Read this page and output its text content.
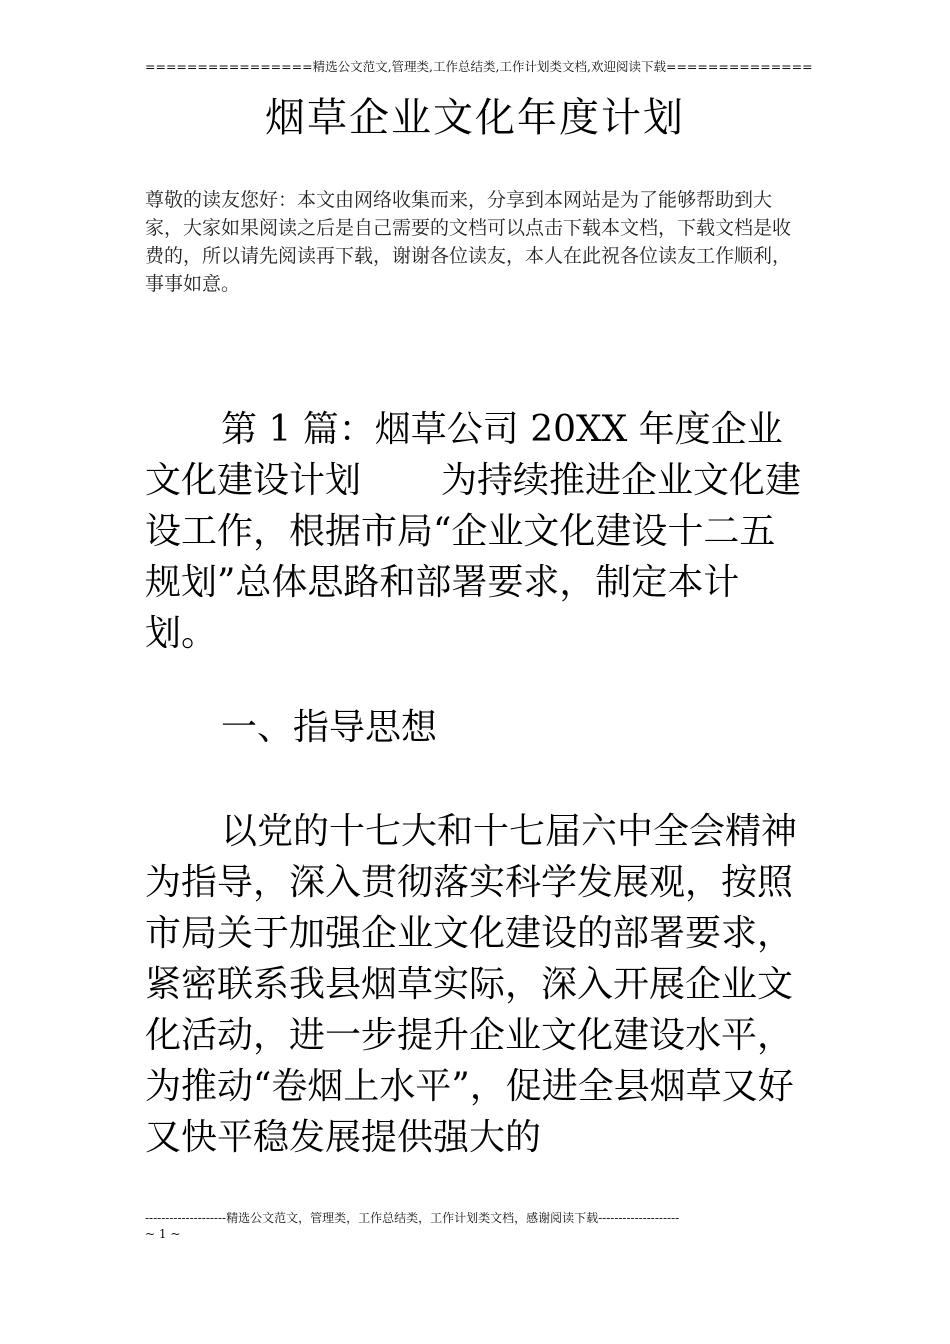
================精选公文范文,管理类,工作总结类,工作计划类文档,欢迎阅读下载==============
烟草企业文化年度计划
尊敬的读友您好：本文由网络收集而来，分享到本网站是为了能够帮助到大家，大家如果阅读之后是自己需要的文档可以点击下载本文档，下载文档是收费的，所以请先阅读再下载，谢谢各位读友，本人在此祝各位读友工作顺利，事事如意。
第 1 篇：烟草公司 20XX 年度企业文化建设计划 为持续推进企业文化建设工作，根据市局“企业文化建设十二五规划”总体思路和部署要求，制定本计划。
一、指导思想
以党的十七大和十七届六中全会精神为指导，深入贯彻落实科学发展观，按照市局关于加强企业文化建设的部署要求，紧密联系我县烟草实际，深入开展企业文化活动，进一步提升企业文化建设水平，为推动“卷烟上水平”，促进全县烟草又好又快平稳发展提供强大的
--------------------精选公文范文，管理类，工作总结类，工作计划类文档，感谢阅读下载--------------------
~ 1 ~
